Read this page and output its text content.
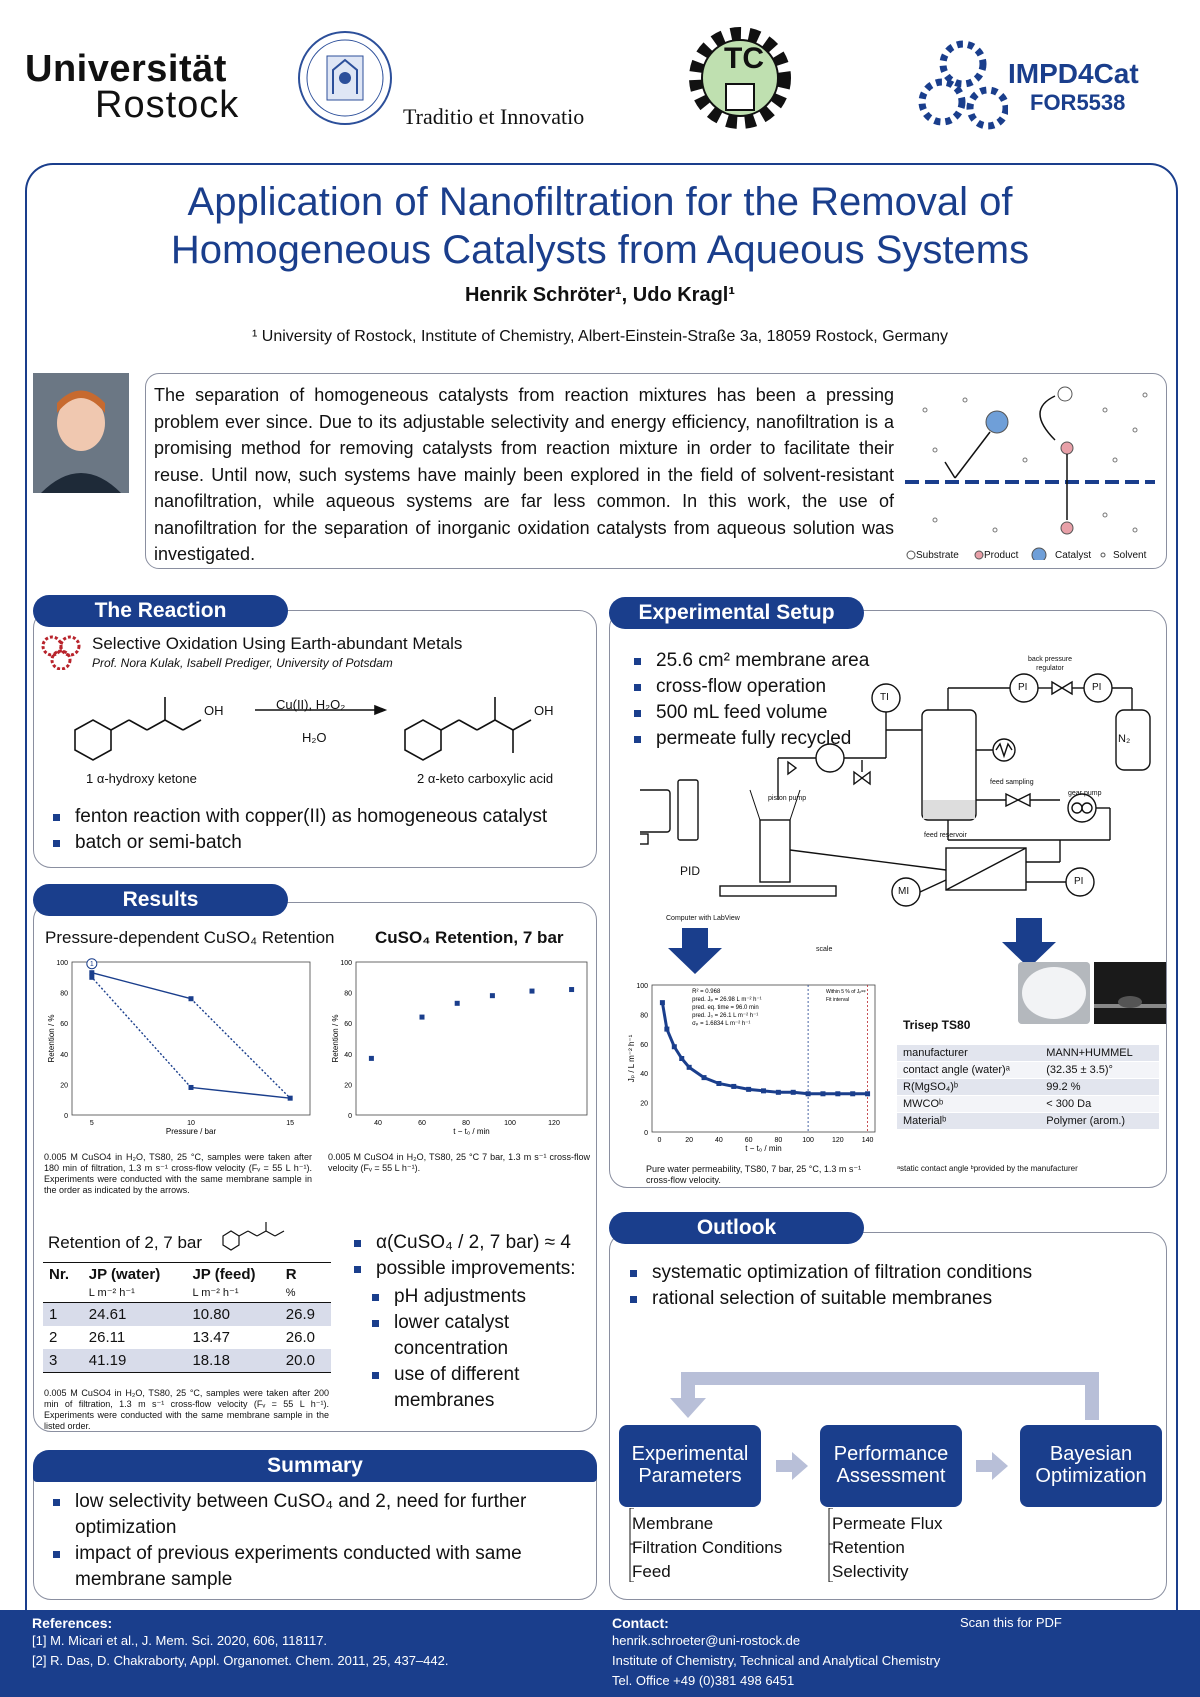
Universität
Rostock	Traditio et Innovatio
TC	IMPD4Cat
FOR5538
Application of Nanofiltration for the Removal of
Homogeneous Catalysts from Aqueous Systems
Henrik Schröter¹, Udo Kragl¹
¹ University of Rostock, Institute of Chemistry, Albert-Einstein-Straße 3a, 18059 Rostock, Germany
The separation of homogeneous catalysts from reaction mixtures has been a pressing problem ever since. Due to its adjustable selectivity and energy efficiency, nanofiltration is a promising method for removing catalysts from reaction mixture in order to facilitate their reuse. Until now, such systems have mainly been explored in the field of solvent-resistant nanofiltration, while aqueous systems are far less common. In this work, the use of nanofiltration for the separation of inorganic oxidation catalysts from aqueous solution was investigated.	Substrate	Product	Catalyst Solvent
The Reaction
Selective Oxidation Using Earth-abundant Metals
Prof. Nora Kulak, Isabell Prediger, University of Potsdam
OH	OH
Cu(II), H₂O₂
H₂O
1 α-hydroxy ketone	2 α-keto carboxylic acid
fenton reaction with copper(II) as homogeneous catalyst
batch or semi-batch
Results
Pressure-dependent CuSO₄ Retention CuSO₄ Retention, 7 bar
0
20
40
60
80
100
5	10	15
Pressure / bar
Retention / %
1
0
20
40
60
80
100
40	60	80	100	120
t − t₀ / min
Retention / %
0.005 M CuSO4 in H₂O, TS80, 25 °C, samples were taken after 180 min of filtration, 1.3 m s⁻¹ cross-flow velocity (Fᵥ = 55 L h⁻¹). Experiments were conducted with the same membrane sample in the order as indicated by the arrows.
0.005 M CuSO4 in H₂O, TS80, 25 °C 7 bar, 1.3 m s⁻¹ cross-flow velocity (Fᵥ = 55 L h⁻¹).
Retention of 2, 7 bar
Nr.	JP (water)	JP (feed)	R
	L m⁻² h⁻¹	L m⁻² h⁻¹	%
1	24.61	10.80	26.9
2	26.11	13.47	26.0
3	41.19	18.18	20.0
0.005 M CuSO4 in H₂O, TS80, 25 °C, samples were taken after 200 min of filtration, 1.3 m s⁻¹ cross-flow velocity (Fᵥ = 55 L h⁻¹). Experiments were conducted with the same membrane sample in the listed order.
α(CuSO₄ / 2, 7 bar) ≈ 4
possible improvements:
pH adjustments
lower catalyst concentration
use of different membranes
Summary
low selectivity between CuSO₄ and 2, need for further optimization
impact of previous experiments conducted with same membrane sample
Experimental Setup
25.6 cm² membrane area
cross-flow operation
500 mL feed volume
permeate fully recycled
TI
PI	PI
PI
MI
N₂
back pressure regulator
feed sampling
gear pump
piston pump
feed reservoir
PID
Computer with LabView
scale
0
20
40
60
80
100
0	20	40	60	80	100	120	140
t − t₀ / min
Jₚ / L m⁻² h⁻¹
R² = 0.968
pred. Jₚ = 26.98 L m⁻² h⁻¹
pred. eq. time = 96.0 min
pred. J₀ = 26.1 L m⁻² h⁻¹
σₚ = 1.6834 L m⁻² h⁻¹
Within 5 % of Jₚᵉᵠ
Fit interval
Pure water permeability, TS80, 7 bar, 25 °C, 1.3 m s⁻¹ cross-flow velocity.
Trisep TS80
manufacturer	MANN+HUMMEL
contact angle (water)ᵃ	(32.35 ± 3.5)°
R(MgSO₄)ᵇ	99.2 %
MWCOᵇ	< 300 Da
Materialᵇ	Polymer (arom.)
ᵃstatic contact angle ᵇprovided by the manufacturer
Outlook
systematic optimization of filtration conditions
rational selection of suitable membranes
Experimental Parameters
Performance Assessment
Bayesian Optimization
Membrane
Filtration Conditions
Feed
Permeate Flux
Retention
Selectivity
References:
[1] M. Micari et al., J. Mem. Sci. 2020, 606, 118117.
[2] R. Das, D. Chakraborty, Appl. Organomet. Chem. 2011, 25, 437–442.
Contact:
henrik.schroeter@uni-rostock.de
Institute of Chemistry, Technical and Analytical Chemistry
Tel. Office +49 (0)381 498 6451
Scan this for PDF
